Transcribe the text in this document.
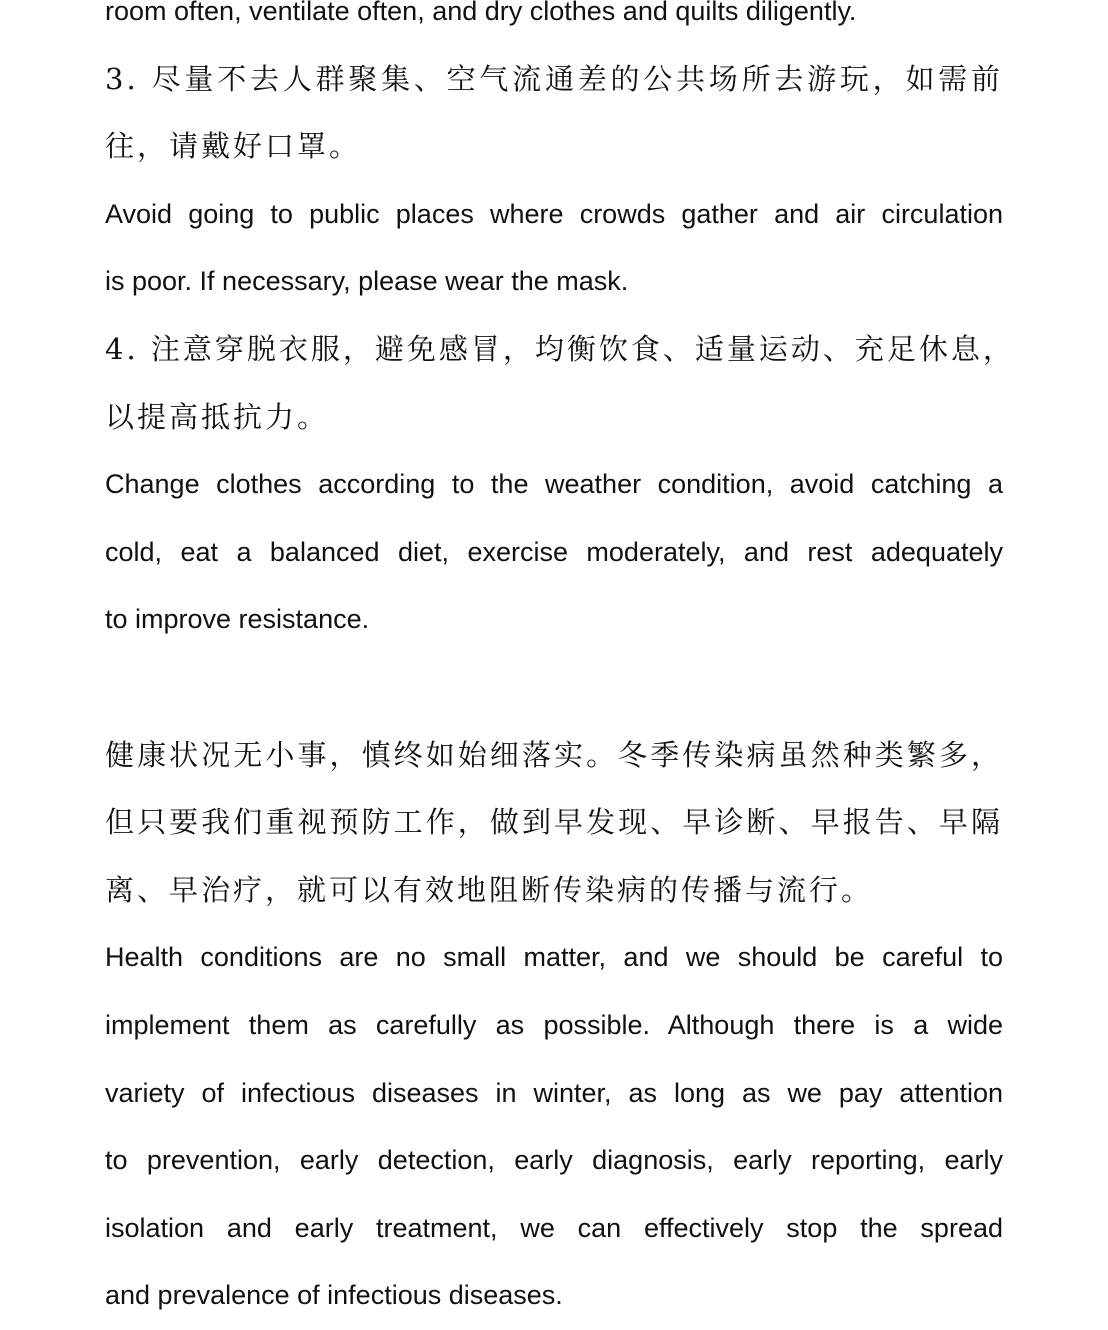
room often, ventilate often, and dry clothes and quilts diligently.
3. 尽量不去人群聚集、空气流通差的公共场所去游玩，如需前
往，请戴好口罩。
Avoid going to public places where crowds gather and air circulation
is poor. If necessary, please wear the mask.
4. 注意穿脱衣服，避免感冒，均衡饮食、适量运动、充足休息，
以提高抵抗力。
Change clothes according to the weather condition, avoid catching a
cold, eat a balanced diet, exercise moderately, and rest adequately
to improve resistance.
健康状况无小事，慎终如始细落实。冬季传染病虽然种类繁多，
但只要我们重视预防工作，做到早发现、早诊断、早报告、早隔
离、早治疗，就可以有效地阻断传染病的传播与流行。
Health conditions are no small matter, and we should be careful to
implement them as carefully as possible. Although there is a wide
variety of infectious diseases in winter, as long as we pay attention
to prevention, early detection, early diagnosis, early reporting, early
isolation and early treatment, we can effectively stop the spread
and prevalence of infectious diseases.
